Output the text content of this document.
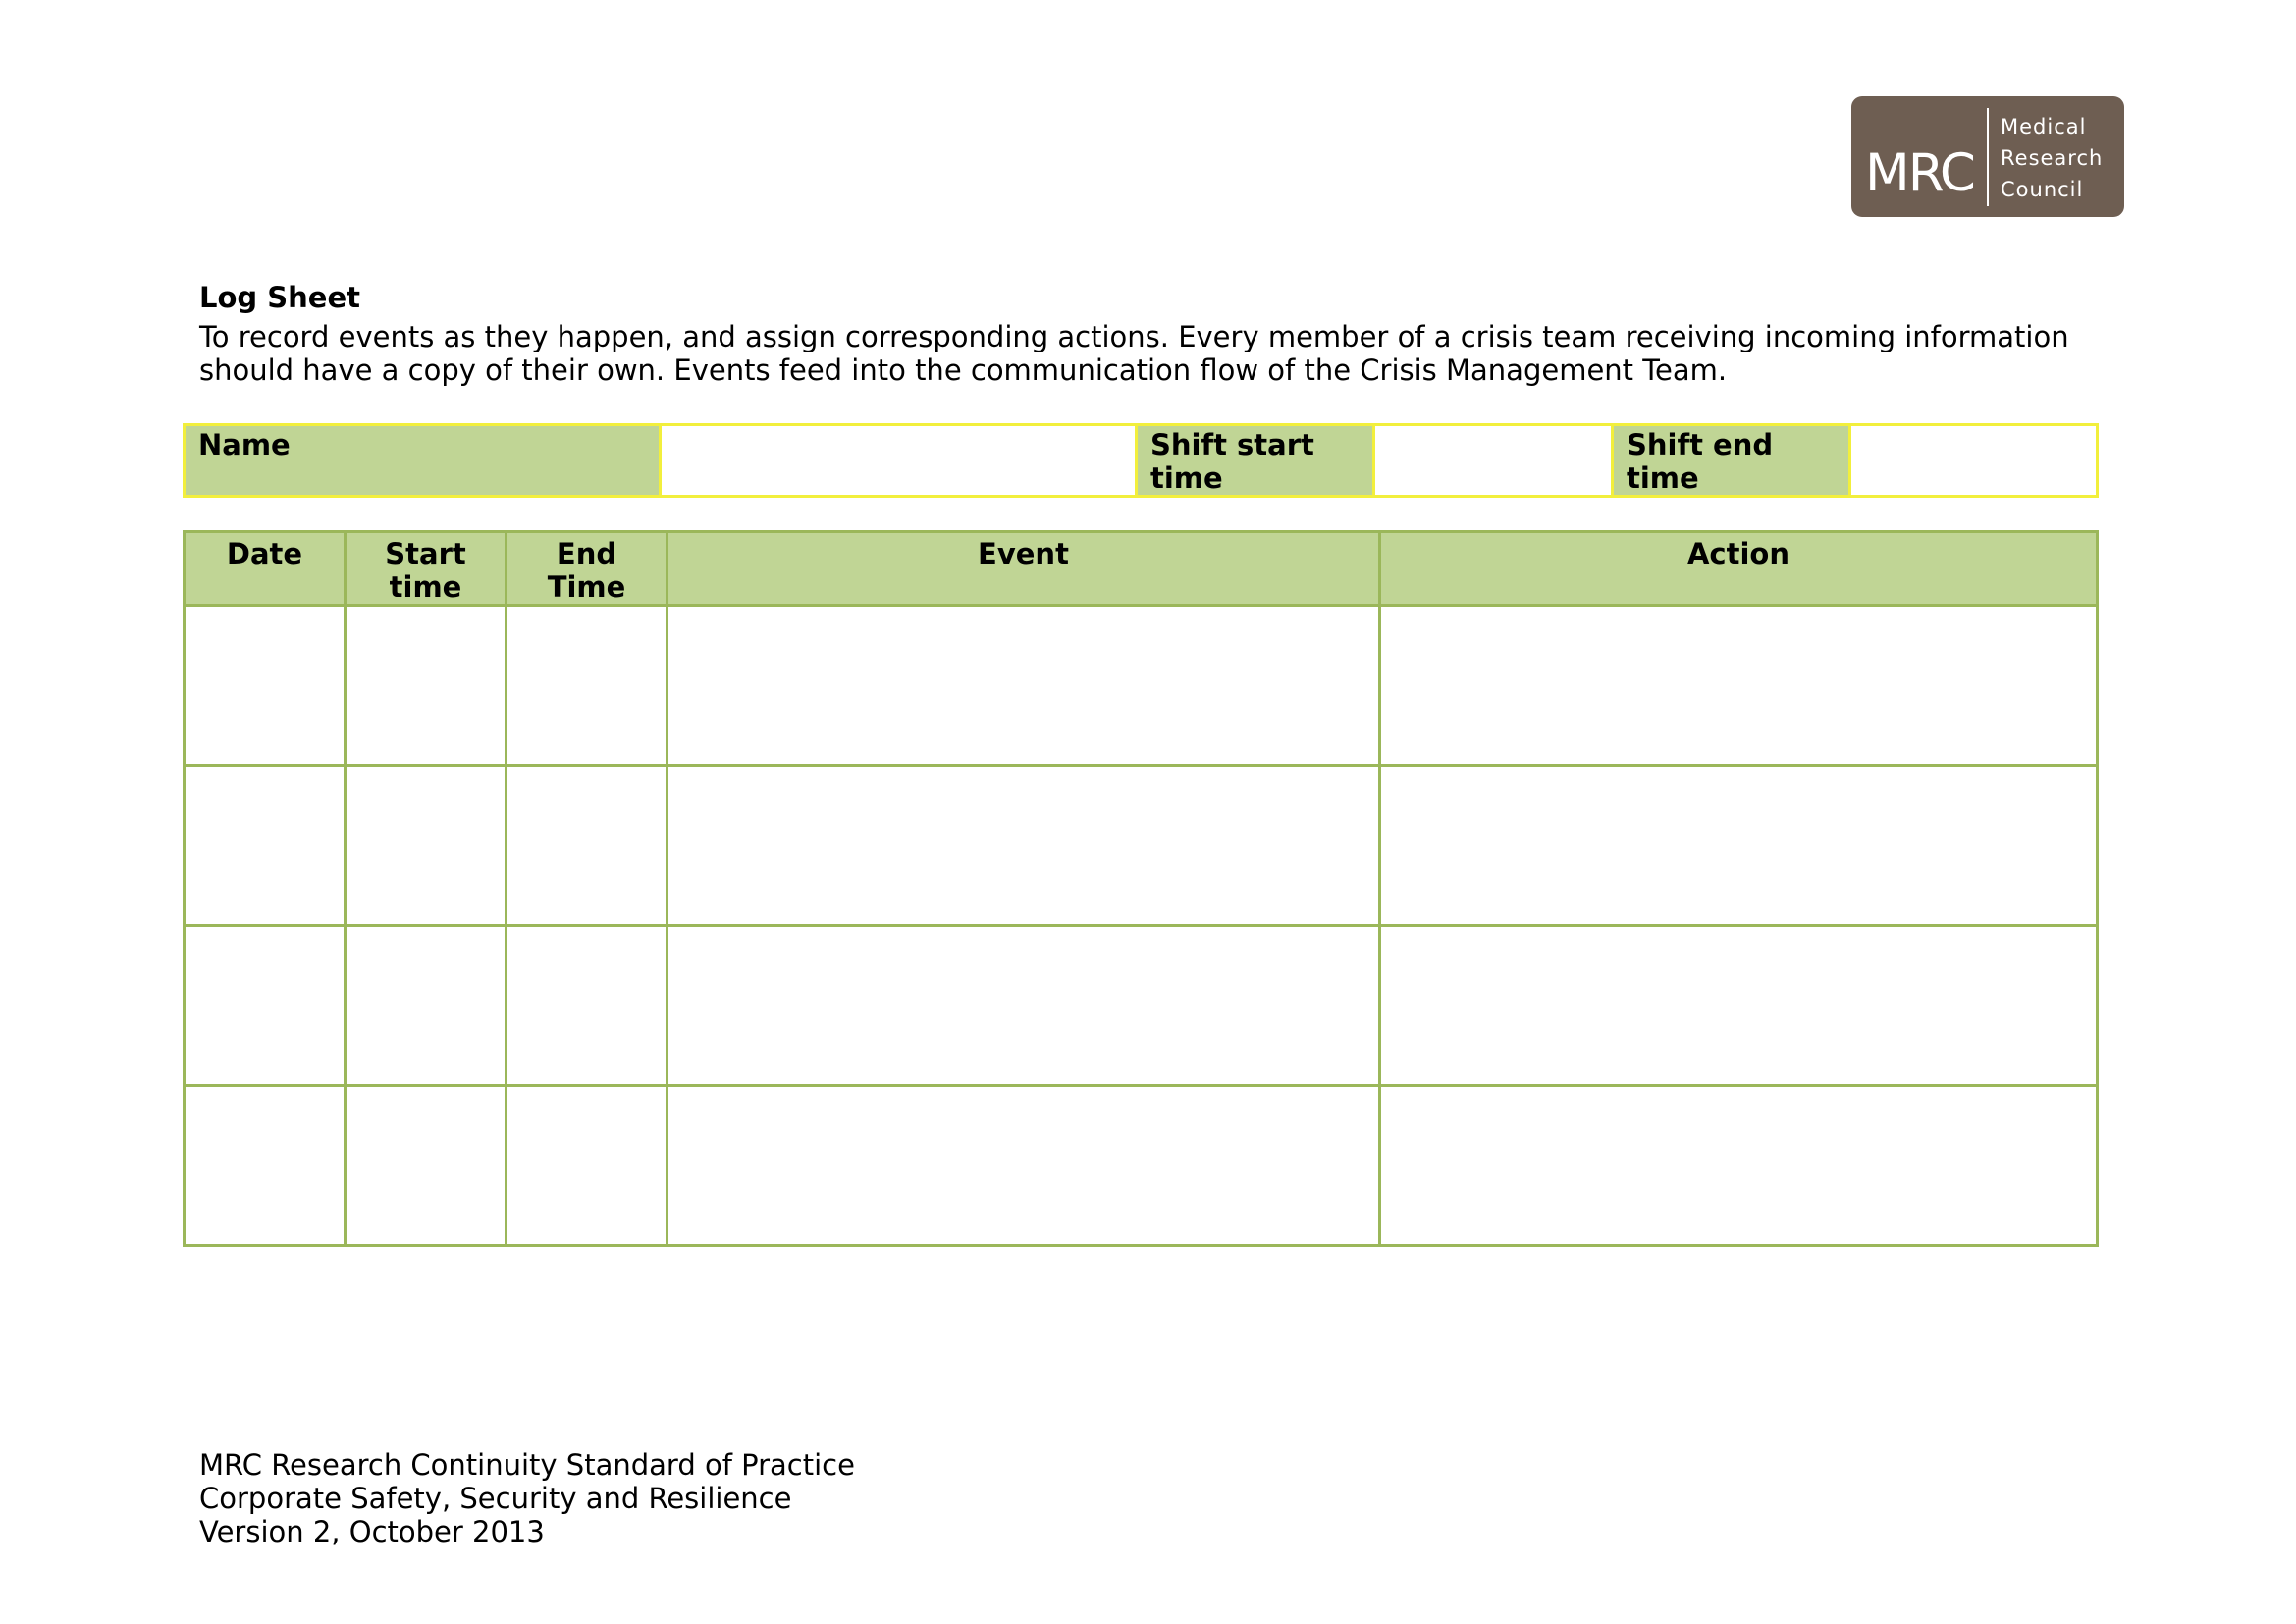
MRC
Medical
Research
Council
Log Sheet

To record events as they happen, and assign corresponding actions. Every member of a crisis team receiving incoming information should have a copy of their own. Events feed into the communication flow of the Crisis Management Team.

Name		Shift start time		Shift end time	
Date	Start time	End Time	Event	Action

MRC Research Continuity Standard of Practice
Corporate Safety, Security and Resilience
Version 2, October 2013
